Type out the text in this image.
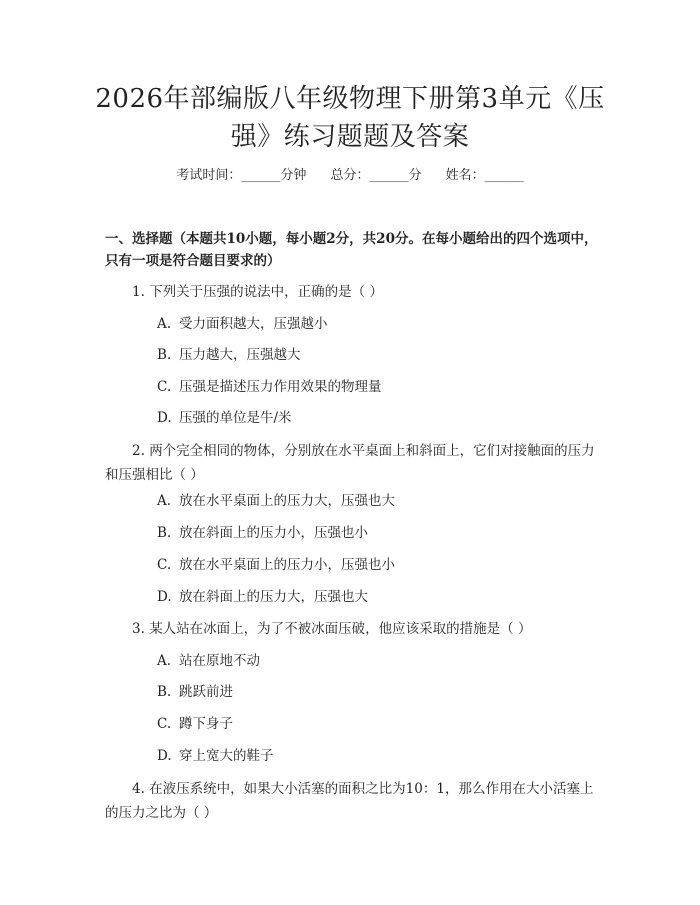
2026年部编版八年级物理下册第3单元《压强》练习题题及答案
考试时间：______分钟 总分：______分 姓名：______

一、选择题（本题共10小题，每小题2分，共20分。在每小题给出的四个选项中，只有一项是符合题目要求的）

1. 下列关于压强的说法中，正确的是（ ）

A. 受力面积越大，压强越小
B. 压力越大，压强越大
C. 压强是描述压力作用效果的物理量
D. 压强的单位是牛/米

2. 两个完全相同的物体，分别放在水平桌面上和斜面上，它们对接触面的压力和压强相比（ ）

A. 放在水平桌面上的压力大，压强也大
B. 放在斜面上的压力小，压强也小
C. 放在水平桌面上的压力小，压强也小
D. 放在斜面上的压力大，压强也大

3. 某人站在冰面上，为了不被冰面压破，他应该采取的措施是（ ）

A. 站在原地不动
B. 跳跃前进
C. 蹲下身子
D. 穿上宽大的鞋子

4. 在液压系统中，如果大小活塞的面积之比为10：1，那么作用在大小活塞上的压力之比为（ ）
